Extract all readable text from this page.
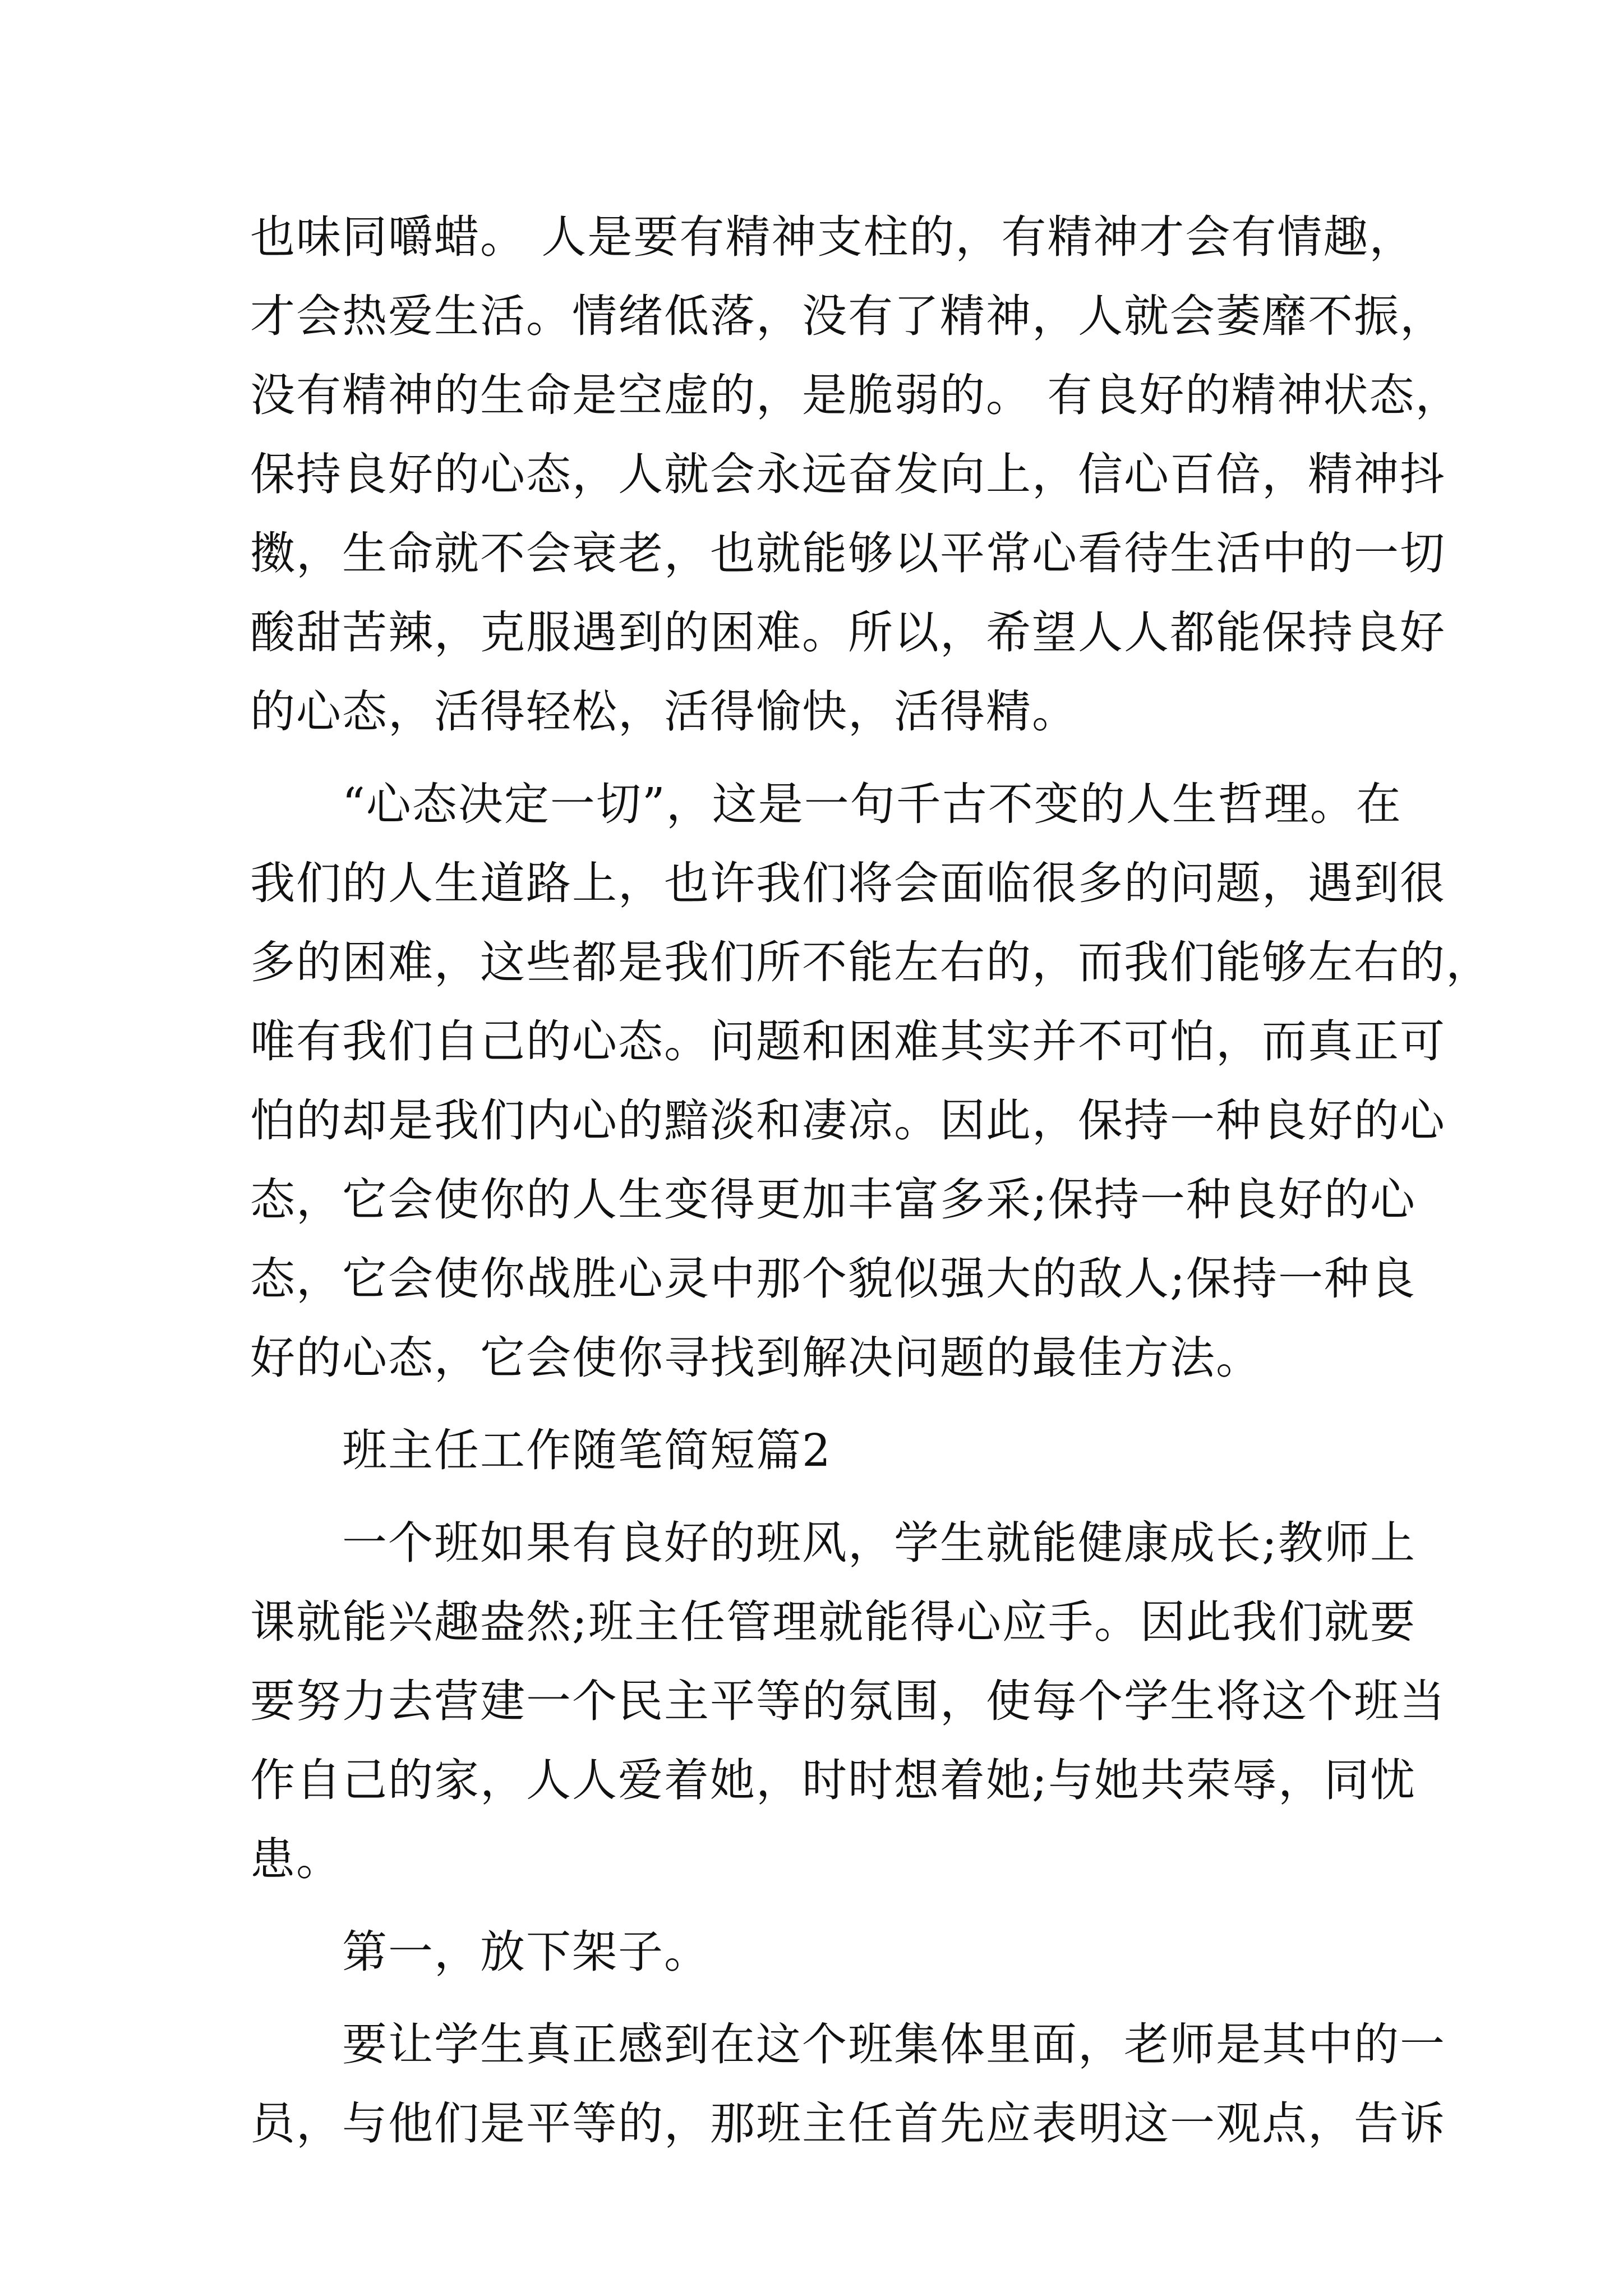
也味同嚼蜡。 人是要有精神支柱的，有精神才会有情趣，
才会热爱生活。情绪低落，没有了精神，人就会萎靡不振，
没有精神的生命是空虚的，是脆弱的。 有良好的精神状态，
保持良好的心态，人就会永远奋发向上，信心百倍，精神抖
擞，生命就不会衰老，也就能够以平常心看待生活中的一切
酸甜苦辣，克服遇到的困难。所以，希望人人都能保持良好
的心态，活得轻松，活得愉快，活得精。
　　“心态决定一切”，这是一句千古不变的人生哲理。在
我们的人生道路上，也许我们将会面临很多的问题，遇到很
多的困难，这些都是我们所不能左右的，而我们能够左右的，
唯有我们自己的心态。问题和困难其实并不可怕，而真正可
怕的却是我们内心的黯淡和凄凉。因此，保持一种良好的心
态，它会使你的人生变得更加丰富多采;保持一种良好的心
态，它会使你战胜心灵中那个貌似强大的敌人;保持一种良
好的心态，它会使你寻找到解决问题的最佳方法。
　　班主任工作随笔简短篇2
　　一个班如果有良好的班风，学生就能健康成长;教师上
课就能兴趣盎然;班主任管理就能得心应手。因此我们就要
要努力去营建一个民主平等的氛围，使每个学生将这个班当
作自己的家，人人爱着她，时时想着她;与她共荣辱，同忧
患。
　　第一，放下架子。
　　要让学生真正感到在这个班集体里面，老师是其中的一
员，与他们是平等的，那班主任首先应表明这一观点，告诉
